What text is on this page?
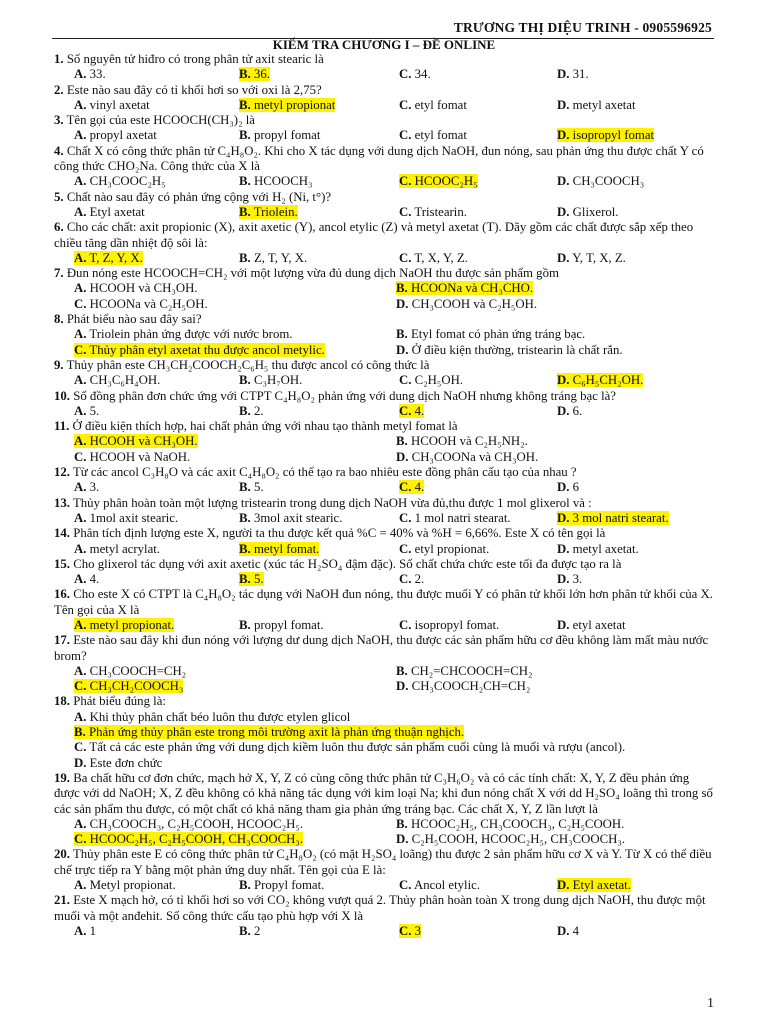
TRƯƠNG THỊ DIỆU TRINH - 0905596925
KIỂM TRA CHƯƠNG I – ĐỀ ONLINE
1. Số nguyên tử hiđro có trong phân tử axit stearic là
A. 33.	B. 36.	C. 34.	D. 31.
2. Este nào sau đây có tỉ khối hơi so với oxi là 2,75?
A. vinyl axetat	B. metyl propionat	C. etyl fomat	D. metyl axetat
3. Tên gọi của este HCOOCH(CH₃)₂ là
A. propyl axetat	B. propyl fomat	C. etyl fomat	D. isopropyl fomat
4. Chất X có công thức phân tử C₄H₈O₂. Khi cho X tác dụng với dung dịch NaOH, đun nóng, sau phản ứng thu được chất Y có công thức CHO₂Na. Công thức của X là
A. CH₃COOC₂H₅	B. HCOOCH₃	C. HCOOC₂H₅	D. CH₃COOCH₃
5. Chất nào sau đây có phản ứng cộng với H₂ (Ni, t°)?
A. Etyl axetat	B. Triolein.	C. Tristearin.	D. Glixerol.
6. Cho các chất: axit propionic (X), axit axetic (Y), ancol etylic (Z) và metyl axetat (T). Dãy gồm các chất được sắp xếp theo chiều tăng dần nhiệt độ sôi là:
A. T, Z, Y, X.	B. Z, T, Y, X.	C. T, X, Y, Z.	D. Y, T, X, Z.
7. Đun nóng este HCOOCH=CH₂ với một lượng vừa đủ dung dịch NaOH thu được sản phẩm gồm
A. HCOOH và CH₃OH.	B. HCOONa và CH₃CHO.
C. HCOONa và C₂H₅OH.	D. CH₃COOH và C₂H₅OH.
8. Phát biểu nào sau đây sai?
A. Triolein phản ứng được với nước brom.	B. Etyl fomat có phản ứng tráng bạc.
C. Thủy phân etyl axetat thu được ancol metylic.	D. Ở điều kiện thường, tristearin là chất rắn.
9. Thủy phân este CH₃CH₂COOCH₂C₆H₅ thu được ancol có công thức là
A. CH₃C₆H₄OH.	B. C₃H₇OH.	C. C₂H₅OH.	D. C₆H₅CH₂OH.
10. Số đồng phân đơn chức ứng với CTPT C₄H₈O₂ phản ứng với dung dịch NaOH nhưng không tráng bạc là?
A. 5.	B. 2.	C. 4.	D. 6.
11. Ở điều kiện thích hợp, hai chất phản ứng với nhau tạo thành metyl fomat là
A. HCOOH và CH₃OH.	B. HCOOH và C₂H₅NH₂.
C. HCOOH và NaOH.	D. CH₃COONa và CH₃OH.
12. Từ các ancol C₃H₈O và các axit C₄H₈O₂ có thể tạo ra bao nhiêu este đồng phân cấu tạo của nhau ?
A. 3.	B. 5.	C. 4.	D. 6
13. Thủy phân hoàn toàn một lượng tristearin trong dung dịch NaOH vừa đủ,thu được 1 mol glixerol và :
A. 1mol axit stearic.	B. 3mol axit stearic.	C. 1 mol natri stearat.	D. 3 mol natri stearat.
14. Phân tích định lượng este X, người ta thu được kết quả %C = 40% và %H = 6,66%. Este X có tên gọi là
A. metyl acrylat.	B. metyl fomat.	C. etyl propionat.	D. metyl axetat.
15. Cho glixerol tác dụng với axit axetic (xúc tác H₂SO₄ đậm đặc). Số chất chứa chức este tối đa được tạo ra là
A. 4.	B. 5.	C. 2.	D. 3.
16. Cho este X có CTPT là C₄H₈O₂ tác dụng với NaOH đun nóng, thu được muối Y có phân tử khối lớn hơn phân tử khối của X. Tên gọi của X là
A. metyl propionat.	B. propyl fomat.	C. isopropyl fomat.	D. etyl axetat
17. Este nào sau đây khi đun nóng với lượng dư dung dịch NaOH, thu được các sản phẩm hữu cơ đều không làm mất màu nước brom?
A. CH₃COOCH=CH₂	B. CH₂=CHCOOCH=CH₂
C. CH₃CH₂COOCH₃	D. CH₃COOCH₂CH=CH₂
18. Phát biểu đúng là:
A. Khi thủy phân chất béo luôn thu được etylen glicol
B. Phản ứng thủy phân este trong môi trường axit là phản ứng thuận nghịch.
C. Tất cả các este phản ứng với dung dịch kiềm luôn thu được sản phẩm cuối cùng là muối và rượu (ancol).
D. Este đơn chức
19. Ba chất hữu cơ đơn chức, mạch hở X, Y, Z có cùng công thức phân tử C₃H₆O₂ và có các tính chất: X, Y, Z đều phản ứng được với dd NaOH; X, Z đều không có khả năng tác dụng với kim loại Na; khi đun nóng chất X với dd H₂SO₄ loãng thì trong số các sản phẩm thu được, có một chất có khả năng tham gia phản ứng tráng bạc. Các chất X, Y, Z lần lượt là
A. CH₃COOCH₃, C₂H₅COOH, HCOOC₂H₅.	B. HCOOC₂H₅, CH₃COOCH₃, C₂H₅COOH.
C. HCOOC₂H₅, C₂H₅COOH, CH₃COOCH₃.	D. C₂H₅COOH, HCOOC₂H₅, CH₃COOCH₃.
20. Thủy phân este E có công thức phân tử C₄H₈O₂ (có mặt H₂SO₄ loãng) thu được 2 sản phẩm hữu cơ X và Y. Từ X có thể điều chế trực tiếp ra Y bằng một phản ứng duy nhất. Tên gọi của E là:
A. Metyl propionat.	B. Propyl fomat.	C. Ancol etylic.	D. Etyl axetat.
21. Este X mạch hở, có tỉ khối hơi so với CO₂ không vượt quá 2. Thủy phân hoàn toàn X trong dung dịch NaOH, thu được một muối và một anđehit. Số công thức cấu tạo phù hợp với X là
A. 1	B. 2	C. 3	D. 4
1
